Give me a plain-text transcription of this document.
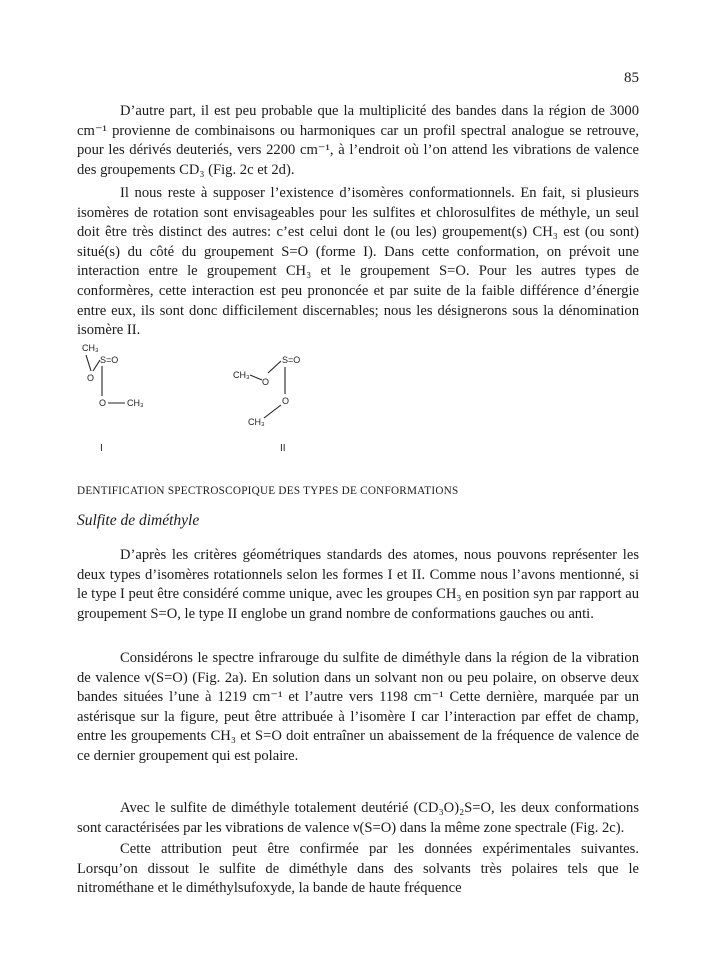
85

D’autre part, il est peu probable que la multiplicité des bandes dans la région de 3000 cm⁻¹ provienne de combinaisons ou harmoniques car un profil spectral analogue se retrouve, pour les dérivés deuteriés, vers 2200 cm⁻¹, à l’endroit où l’on attend les vibrations de valence des groupements CD₃ (Fig. 2c et 2d).

Il nous reste à supposer l’existence d’isomères conformationnels. En fait, si plusieurs isomères de rotation sont envisageables pour les sulfites et chlorosulfites de méthyle, un seul doit être très distinct des autres: c’est celui dont le (ou les) groupement(s) CH₃ est (ou sont) situé(s) du côté du groupement S=O (forme I). Dans cette conformation, on prévoit une interaction entre le groupement CH₃ et le groupement S=O. Pour les autres types de conformères, cette interaction est peu prononcée et par suite de la faible différence d’énergie entre eux, ils sont donc difficilement discernables; nous les désignerons sous la dénomination isomère II.

CH₃
S=O
O
O CH₃
I
S=O
CH₃
O
O
CH₃
II
DENTIFICATION SPECTROSCOPIQUE DES TYPES DE CONFORMATIONS
Sulfite de diméthyle

D’après les critères géométriques standards des atomes, nous pouvons représenter les deux types d’isomères rotationnels selon les formes I et II. Comme nous l’avons mentionné, si le type I peut être considéré comme unique, avec les groupes CH₃ en position syn par rapport au groupement S=O, le type II englobe un grand nombre de conformations gauches ou anti.

Considérons le spectre infrarouge du sulfite de diméthyle dans la région de la vibration de valence ν(S=O) (Fig. 2a). En solution dans un solvant non ou peu polaire, on observe deux bandes situées l’une à 1219 cm⁻¹ et l’autre vers 1198 cm⁻¹ Cette dernière, marquée par un astérisque sur la figure, peut être attribuée à l’isomère I car l’interaction par effet de champ, entre les groupements CH₃ et S=O doit entraîner un abaissement de la fréquence de valence de ce dernier groupement qui est polaire.

Avec le sulfite de diméthyle totalement deutérié (CD₃O)₂S=O, les deux conformations sont caractérisées par les vibrations de valence ν(S=O) dans la même zone spectrale (Fig. 2c).

Cette attribution peut être confirmée par les données expérimentales suivantes. Lorsqu’on dissout le sulfite de diméthyle dans des solvants très polaires tels que le nitrométhane et le diméthylsufoxyde, la bande de haute fréquence
